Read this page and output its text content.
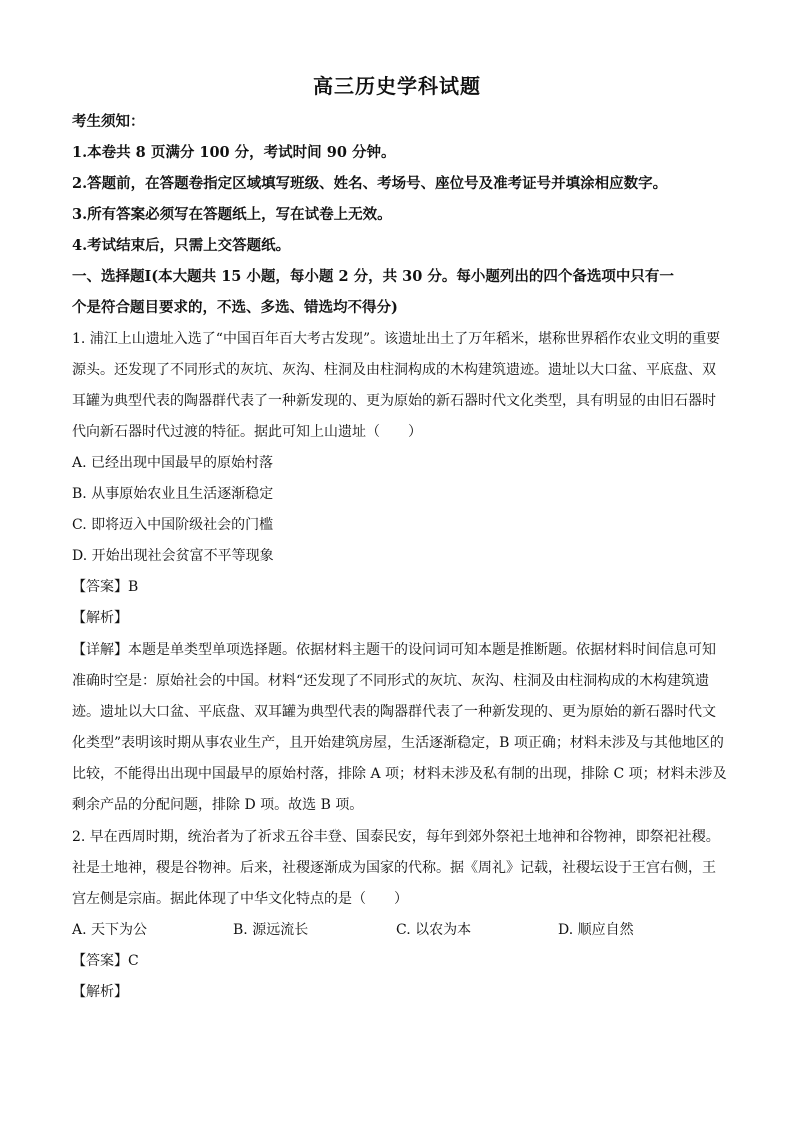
高三历史学科试题
考生须知：
1.本卷共 8 页满分 100 分，考试时间 90 分钟。
2.答题前，在答题卷指定区域填写班级、姓名、考场号、座位号及准考证号并填涂相应数字。
3.所有答案必须写在答题纸上，写在试卷上无效。
4.考试结束后，只需上交答题纸。
一、选择题Ⅰ(本大题共 15 小题，每小题 2 分，共 30 分。每小题列出的四个备选项中只有一
个是符合题目要求的，不选、多选、错选均不得分)
1. 浦江上山遗址入选了“中国百年百大考古发现”。该遗址出土了万年稻米，堪称世界稻作农业文明的重要
源头。还发现了不同形式的灰坑、灰沟、柱洞及由柱洞构成的木构建筑遗迹。遗址以大口盆、平底盘、双
耳罐为典型代表的陶器群代表了一种新发现的、更为原始的新石器时代文化类型，具有明显的由旧石器时
代向新石器时代过渡的特征。据此可知上山遗址（　　）
A. 已经出现中国最早的原始村落
B. 从事原始农业且生活逐渐稳定
C. 即将迈入中国阶级社会的门槛
D. 开始出现社会贫富不平等现象
【答案】B
【解析】
【详解】本题是单类型单项选择题。依据材料主题干的设问词可知本题是推断题。依据材料时间信息可知
准确时空是：原始社会的中国。材料“还发现了不同形式的灰坑、灰沟、柱洞及由柱洞构成的木构建筑遗
迹。遗址以大口盆、平底盘、双耳罐为典型代表的陶器群代表了一种新发现的、更为原始的新石器时代文
化类型”表明该时期从事农业生产，且开始建筑房屋，生活逐渐稳定，B 项正确；材料未涉及与其他地区的
比较，不能得出出现中国最早的原始村落，排除 A 项；材料未涉及私有制的出现，排除 C 项；材料未涉及
剩余产品的分配问题，排除 D 项。故选 B 项。
2. 早在西周时期，统治者为了祈求五谷丰登、国泰民安，每年到郊外祭祀土地神和谷物神，即祭祀社稷。
社是土地神，稷是谷物神。后来，社稷逐渐成为国家的代称。据《周礼》记载，社稷坛设于王宫右侧，王
宫左侧是宗庙。据此体现了中华文化特点的是（　　）
A. 天下为公	B. 源远流长	C. 以农为本	D. 顺应自然
【答案】C
【解析】
